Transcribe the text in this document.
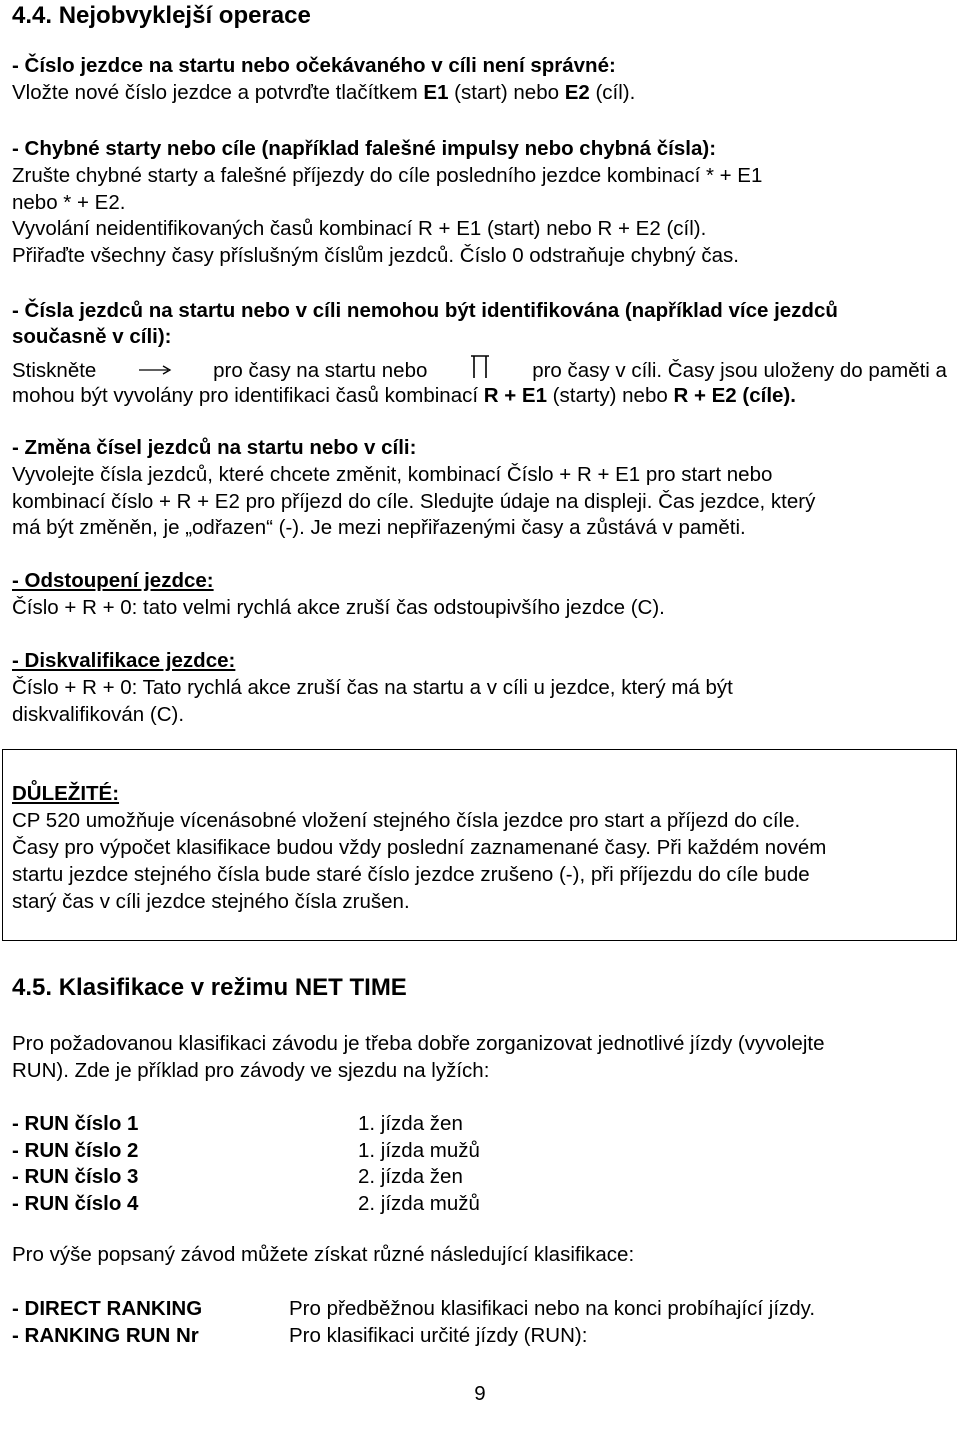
4.4. Nejobvyklejší operace
- Číslo jezdce na startu nebo očekávaného v cíli není správné:
Vložte nové číslo jezdce a potvrďte tlačítkem E1 (start) nebo E2 (cíl).
- Chybné starty nebo cíle (například falešné impulsy nebo chybná čísla):
Zrušte chybné starty a falešné příjezdy do cíle posledního jezdce kombinací * + E1
nebo * + E2.
Vyvolání neidentifikovaných časů kombinací R + E1 (start) nebo R + E2 (cíl).
Přiřaďte všechny časy příslušným číslům jezdců. Číslo 0 odstraňuje chybný čas.
- Čísla jezdců na startu nebo v cíli nemohou být identifikována (například více jezdců
současně v cíli):
Stiskněte	pro časy na startu nebo	pro časy v cíli. Časy jsou uloženy do paměti a
mohou být vyvolány pro identifikaci časů kombinací R + E1 (starty) nebo R + E2 (cíle).
- Změna čísel jezdců na startu nebo v cíli:
Vyvolejte čísla jezdců, které chcete změnit, kombinací Číslo + R + E1 pro start nebo
kombinací číslo + R + E2 pro příjezd do cíle. Sledujte údaje na displeji. Čas jezdce, který
má být změněn, je „odřazen“ (-). Je mezi nepřiřazenými časy a zůstává v paměti.
- Odstoupení jezdce:
Číslo + R + 0: tato velmi rychlá akce zruší čas odstoupivšího jezdce (C).
- Diskvalifikace jezdce:
Číslo + R + 0: Tato rychlá akce zruší čas na startu a v cíli u jezdce, který má být
diskvalifikován (C).
DŮLEŽITÉ:
CP 520 umožňuje vícenásobné vložení stejného čísla jezdce pro start a příjezd do cíle.
Časy pro výpočet klasifikace budou vždy poslední zaznamenané časy. Při každém novém
startu jezdce stejného čísla bude staré číslo jezdce zrušeno (-), při příjezdu do cíle bude
starý čas v cíli jezdce stejného čísla zrušen.
4.5. Klasifikace v režimu NET TIME
Pro požadovanou klasifikaci závodu je třeba dobře zorganizovat jednotlivé jízdy (vyvolejte
RUN). Zde je příklad pro závody ve sjezdu na lyžích:
- RUN číslo 1	1. jízda žen
- RUN číslo 2	1. jízda mužů
- RUN číslo 3	2. jízda žen
- RUN číslo 4	2. jízda mužů
Pro výše popsaný závod můžete získat různé následující klasifikace:
- DIRECT RANKING	Pro předběžnou klasifikaci nebo na konci probíhající jízdy.
- RANKING RUN Nr	Pro klasifikaci určité jízdy (RUN):
9
